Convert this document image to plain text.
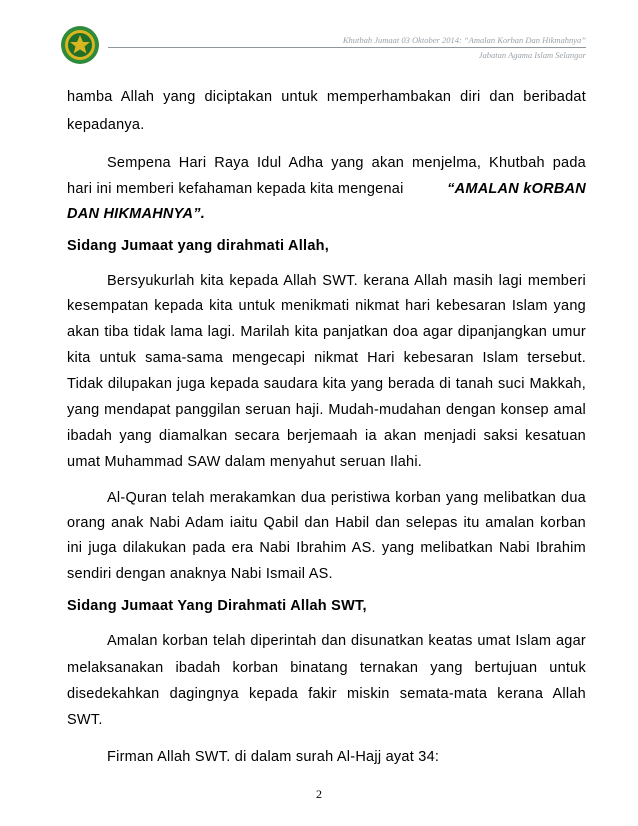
Khutbah Jumaat 03 Oktober 2014: “Amalan Korban Dan Hikmahnya”
Jabatan Agama Islam Selangor
hamba Allah yang diciptakan untuk memperhambakan diri dan beribadat
kepadanya.
Sempena Hari Raya Idul Adha yang akan menjelma, Khutbah pada
hari ini memberi kefahaman kepada kita mengenai	“AMALAN kORBAN
DAN HIKMAHNYA”.
Sidang Jumaat yang dirahmati Allah,
Bersyukurlah kita kepada Allah SWT. kerana Allah masih lagi memberi
kesempatan kepada kita untuk menikmati nikmat hari kebesaran Islam yang
akan tiba tidak lama lagi. Marilah kita panjatkan doa agar dipanjangkan umur
kita untuk sama-sama mengecapi nikmat Hari kebesaran Islam tersebut.
Tidak dilupakan juga kepada saudara kita yang berada di tanah suci Makkah,
yang mendapat panggilan seruan haji. Mudah-mudahan dengan konsep amal
ibadah yang diamalkan secara berjemaah ia akan menjadi saksi kesatuan
umat Muhammad SAW dalam menyahut seruan Ilahi.
Al-Quran telah merakamkan dua peristiwa korban yang melibatkan dua
orang anak Nabi Adam iaitu Qabil dan Habil dan selepas itu amalan korban
ini juga dilakukan pada era Nabi Ibrahim AS. yang melibatkan Nabi Ibrahim
sendiri dengan anaknya Nabi Ismail AS.
Sidang Jumaat Yang Dirahmati Allah SWT,
Amalan korban telah diperintah dan disunatkan keatas umat Islam agar
melaksanakan ibadah korban binatang ternakan yang bertujuan untuk
disedekahkan dagingnya kepada fakir miskin semata-mata kerana Allah
SWT.
Firman Allah SWT. di dalam surah Al-Hajj ayat 34:
2
